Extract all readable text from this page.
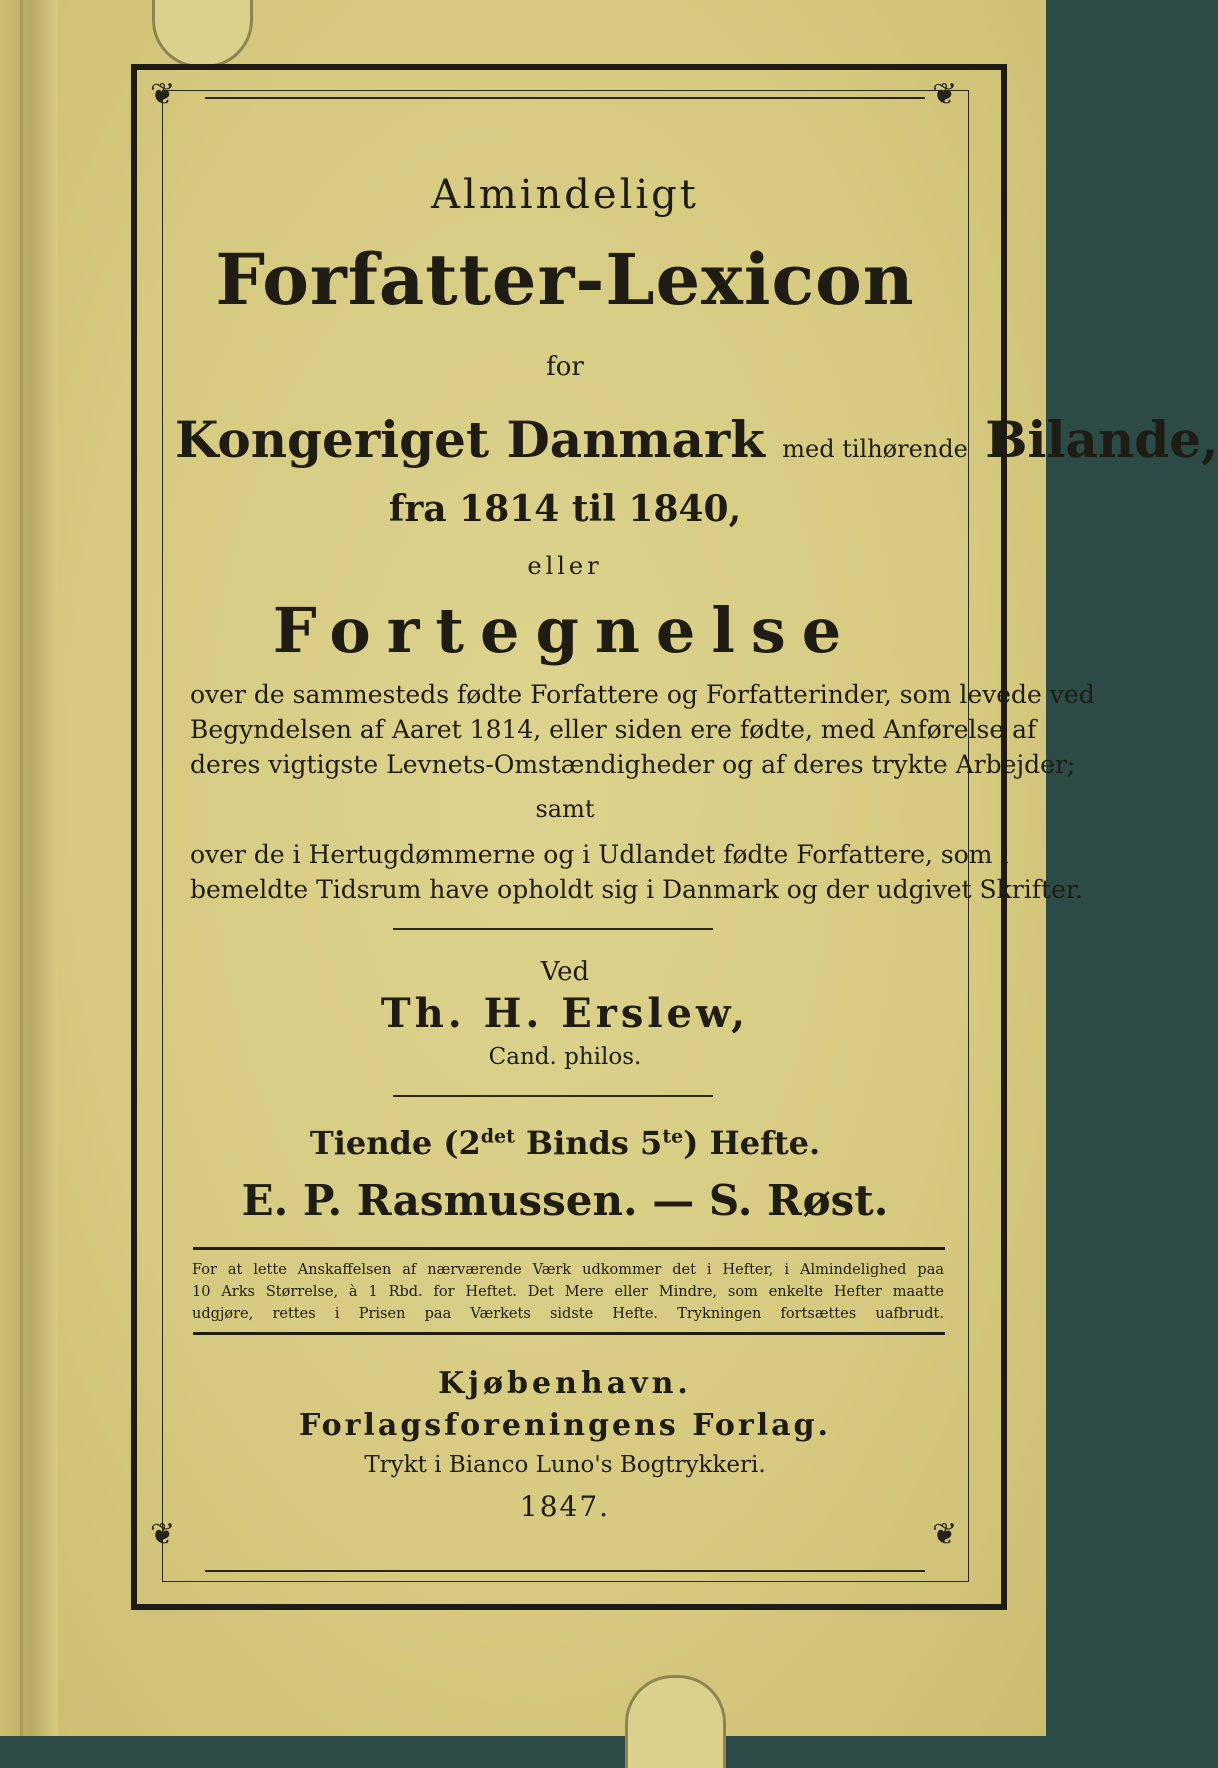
❦	❦
❦	❦
Almindeligt
Forfatter-Lexicon
for
Kongeriget Danmark med tilhørende Bilande,
fra 1814 til 1840,
eller
Fortegnelse
over de sammesteds fødte Forfattere og Forfatterinder, som levede ved
Begyndelsen af Aaret 1814, eller siden ere fødte, med Anførelse af
deres vigtigste Levnets-Omstændigheder og af deres trykte Arbejder;
samt
over de i Hertugdømmerne og i Udlandet fødte Forfattere, som i
bemeldte Tidsrum have opholdt sig i Danmark og der udgivet Skrifter.
Ved
Th. H. Erslew,
Cand. philos.
Tiende ($2^{det}$ Binds $5^{te}$) Hefte.
E. P. Rasmussen. — S. Røst.
For at lette Anskaffelsen af nærværende Værk udkommer det i Hefter, i Almindelighed paa
10 Arks Størrelse, à 1 Rbd. for Heftet. Det Mere eller Mindre, som enkelte Hefter maatte
udgjøre, rettes i Prisen paa Værkets sidste Hefte. Trykningen fortsættes uafbrudt.
Kjøbenhavn.
Forlagsforeningens Forlag.
Trykt i Bianco Luno's Bogtrykkeri.
1847.
